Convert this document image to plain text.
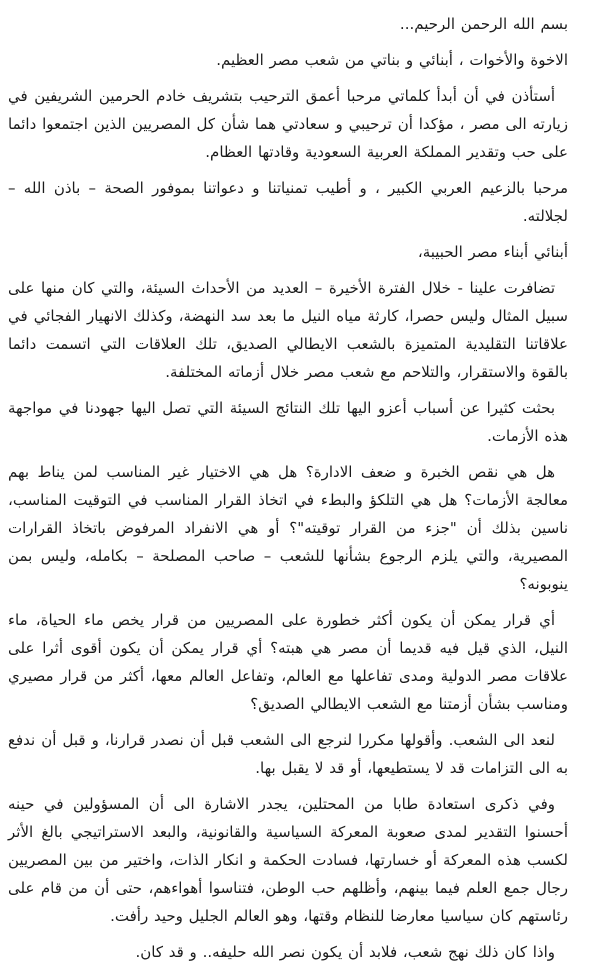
بسم الله الرحمن الرحيم...

الاخوة والأخوات ، أبنائي و بناتي من شعب مصر العظيم.

أستأذن في أن أبدأ كلماتي مرحبا أعمق الترحيب بتشريف خادم الحرمين الشريفين في زيارته الى مصر ، مؤكدا أن ترحيبي و سعادتي هما شأن كل المصريين الذين اجتمعوا دائما على حب وتقدير المملكة العربية السعودية وقادتها العظام.

مرحبا بالزعيم العربي الكبير ، و أطيب تمنياتنا و دعواتنا بموفور الصحة – باذن الله – لجلالته.

أبنائي أبناء مصر الحبيبة،

تضافرت علينا - خلال الفترة الأخيرة – العديد من الأحداث السيئة، والتي كان منها على سبيل المثال وليس حصرا، كارثة مياه النيل ما بعد سد النهضة، وكذلك الانهيار الفجائي في علاقاتنا التقليدية المتميزة بالشعب الايطالي الصديق، تلك العلاقات التي اتسمت دائما بالقوة والاستقرار، والتلاحم مع شعب مصر خلال أزماته المختلفة.

بحثت كثيرا عن أسباب أعزو اليها تلك النتائج السيئة التي تصل اليها جهودنا في مواجهة هذه الأزمات.

هل هي نقص الخبرة و ضعف الادارة؟ هل هي الاختيار غير المناسب لمن يناط بهم معالجة الأزمات؟ هل هي التلكؤ والبطء في اتخاذ القرار المناسب في التوقيت المناسب، ناسين بذلك أن "جزء من القرار توقيته"؟ أو هي الانفراد المرفوض باتخاذ القرارات المصيرية، والتي يلزم الرجوع بشأنها للشعب – صاحب المصلحة – بكامله، وليس بمن ينوبونه؟

أي قرار يمكن أن يكون أكثر خطورة على المصريين من قرار يخص ماء الحياة، ماء النيل، الذي قيل فيه قديما أن مصر هي هبته؟ أي قرار يمكن أن يكون أقوى أثرا على علاقات مصر الدولية ومدى تفاعلها مع العالم، وتفاعل العالم معها، أكثر من قرار مصيري ومناسب بشأن أزمتنا مع الشعب الايطالي الصديق؟

لنعد الى الشعب. وأقولها مكررا لنرجع الى الشعب قبل أن نصدر قرارنا، و قبل أن ندفع به الى التزامات قد لا يستطيعها، أو قد لا يقبل بها.

وفي ذكرى استعادة طابا من المحتلين، يجدر الاشارة الى أن المسؤولين في حينه أحسنوا التقدير لمدى صعوبة المعركة السياسية والقانونية، والبعد الاستراتيجي بالغ الأثر لكسب هذه المعركة أو خسارتها، فسادت الحكمة و انكار الذات، واختير من بين المصريين رجال جمع العلم فيما بينهم، وأظلهم حب الوطن، فتناسوا أهواءهم، حتى أن من قام على رئاستهم كان سياسيا معارضا للنظام وقتها، وهو العالم الجليل وحيد رأفت.

واذا كان ذلك نهج شعب، فلابد أن يكون نصر الله حليفه.. و قد كان.
